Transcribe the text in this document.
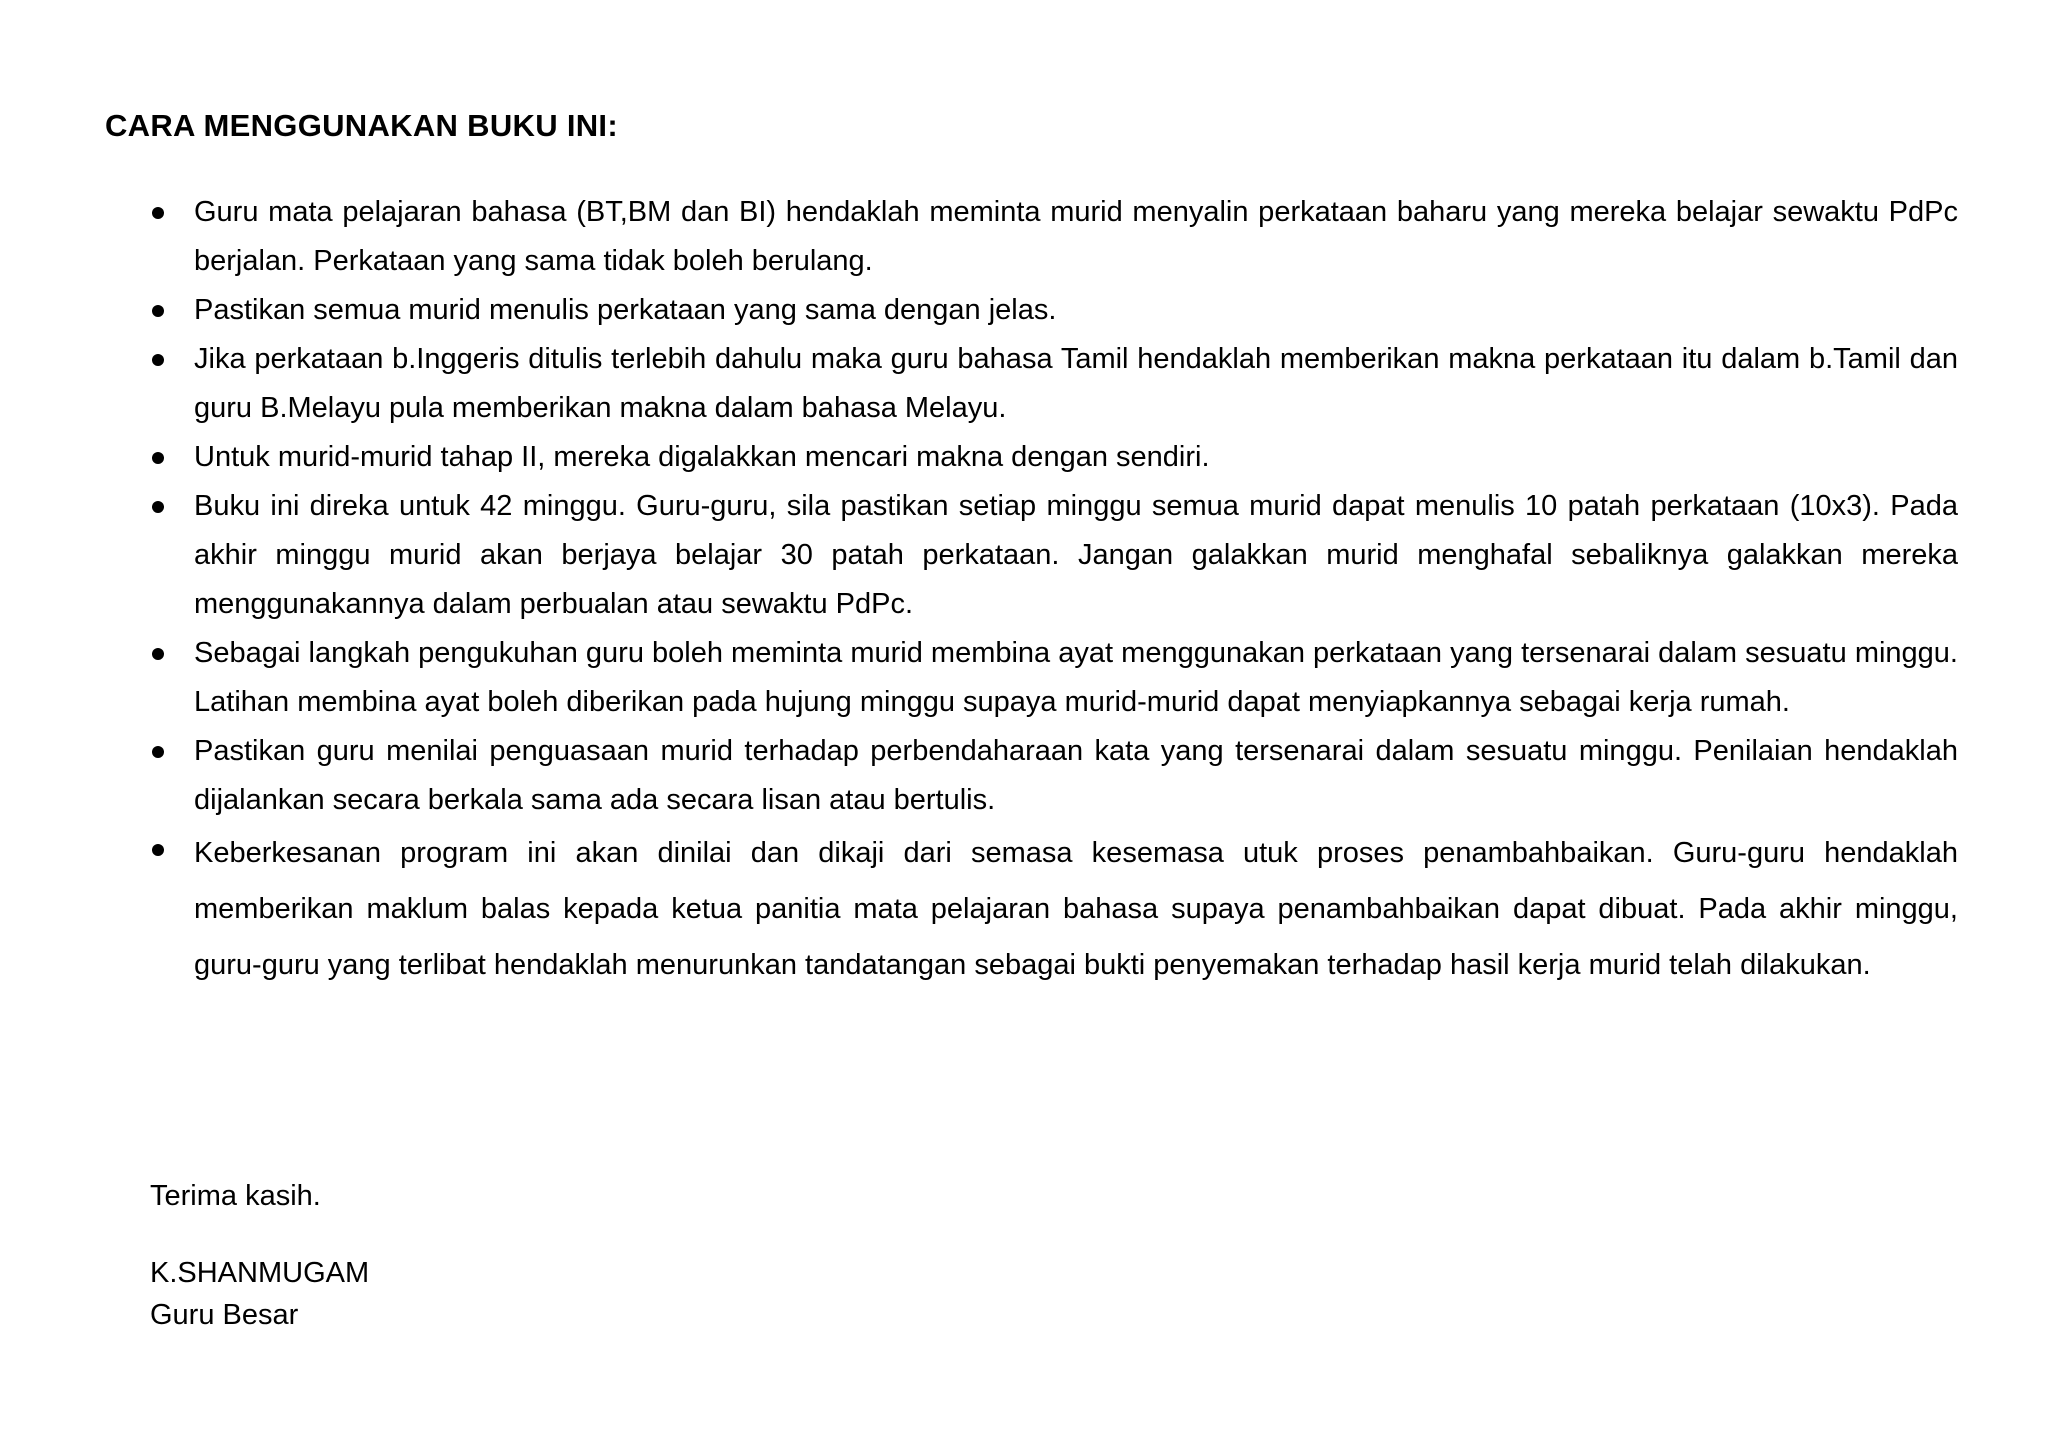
CARA MENGGUNAKAN BUKU INI:
Guru mata pelajaran bahasa (BT,BM dan BI) hendaklah meminta murid menyalin perkataan baharu yang mereka belajar sewaktu PdPc berjalan. Perkataan yang sama tidak boleh berulang.
Pastikan semua murid menulis perkataan yang sama dengan jelas.
Jika perkataan b.Inggeris ditulis terlebih dahulu maka guru bahasa Tamil hendaklah memberikan makna perkataan itu dalam b.Tamil dan guru B.Melayu pula memberikan makna dalam bahasa Melayu.
Untuk murid-murid tahap II, mereka digalakkan mencari makna dengan sendiri.
Buku ini direka untuk 42 minggu. Guru-guru, sila pastikan setiap minggu semua murid dapat menulis 10 patah perkataan (10x3). Pada akhir minggu murid akan berjaya belajar 30 patah perkataan. Jangan galakkan murid menghafal sebaliknya galakkan mereka menggunakannya dalam perbualan atau sewaktu PdPc.
Sebagai langkah pengukuhan guru boleh meminta murid membina ayat menggunakan perkataan yang tersenarai dalam sesuatu minggu. Latihan membina ayat boleh diberikan pada hujung minggu supaya murid-murid dapat menyiapkannya sebagai kerja rumah.
Pastikan guru menilai penguasaan murid terhadap perbendaharaan kata yang tersenarai dalam sesuatu minggu. Penilaian hendaklah dijalankan secara berkala sama ada secara lisan atau bertulis.
Keberkesanan program ini akan dinilai dan dikaji dari semasa kesemasa utuk proses penambahbaikan. Guru-guru hendaklah memberikan maklum balas kepada ketua panitia mata pelajaran bahasa supaya penambahbaikan dapat dibuat. Pada akhir minggu, guru-guru yang terlibat hendaklah menurunkan tandatangan sebagai bukti penyemakan terhadap hasil kerja murid telah dilakukan.

Terima kasih.

K.SHANMUGAM
Guru Besar
